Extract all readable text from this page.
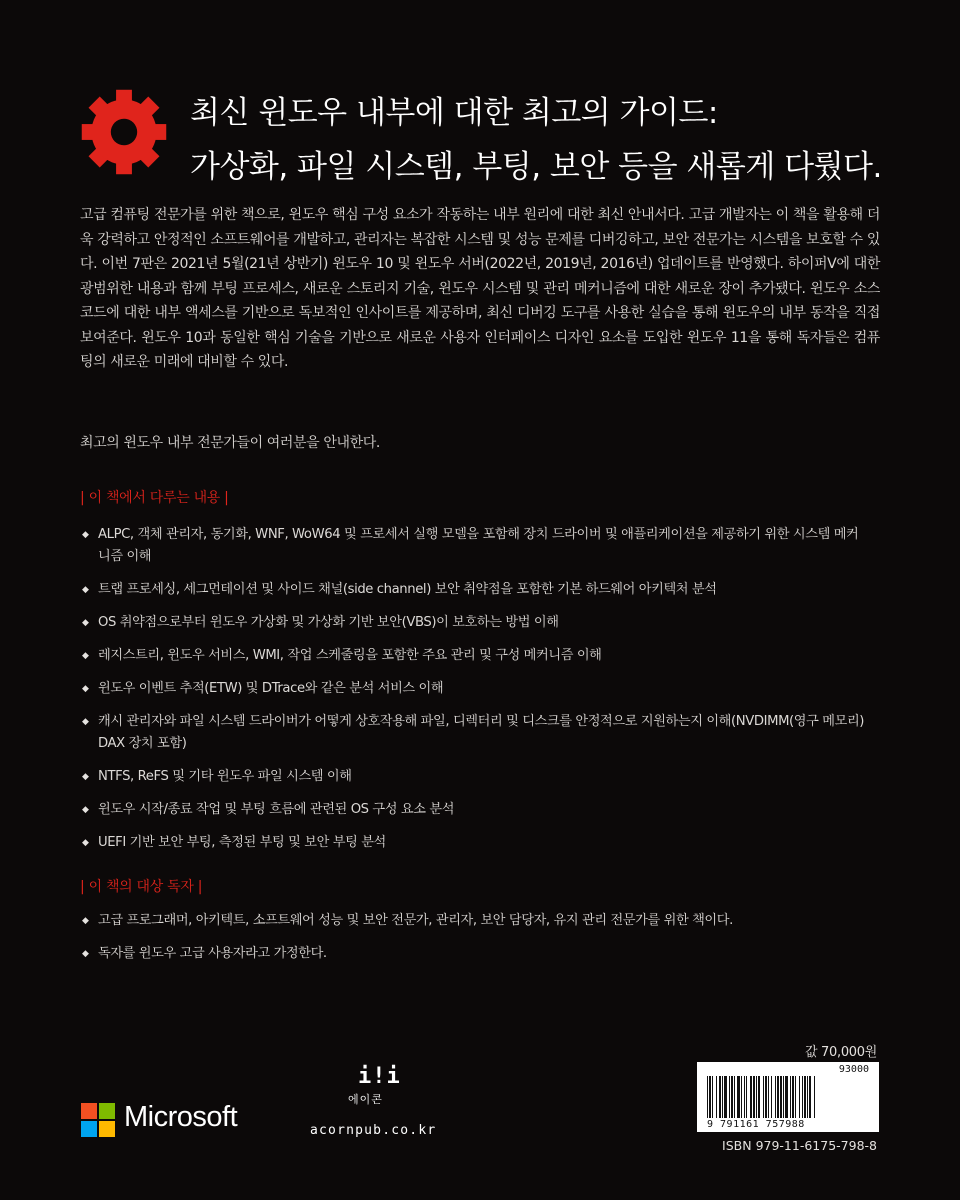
최신 윈도우 내부에 대한 최고의 가이드:
가상화, 파일 시스템, 부팅, 보안 등을 새롭게 다뤘다.

고급 컴퓨팅 전문가를 위한 책으로, 윈도우 핵심 구성 요소가 작동하는 내부 원리에 대한 최신 안내서다. 고급 개발자는 이 책을 활용해 더욱 강력하고 안정적인 소프트웨어를 개발하고, 관리자는 복잡한 시스템 및 성능 문제를 디버깅하고, 보안 전문가는 시스템을 보호할 수 있다. 이번 7판은 2021년 5월(21년 상반기) 윈도우 10 및 윈도우 서버(2022년, 2019년, 2016년) 업데이트를 반영했다. 하이퍼V에 대한 광범위한 내용과 함께 부팅 프로세스, 새로운 스토리지 기술, 윈도우 시스템 및 관리 메커니즘에 대한 새로운 장이 추가됐다. 윈도우 소스코드에 대한 내부 액세스를 기반으로 독보적인 인사이트를 제공하며, 최신 디버깅 도구를 사용한 실습을 통해 윈도우의 내부 동작을 직접 보여준다. 윈도우 10과 동일한 핵심 기술을 기반으로 새로운 사용자 인터페이스 디자인 요소를 도입한 윈도우 11을 통해 독자들은 컴퓨팅의 새로운 미래에 대비할 수 있다.

최고의 윈도우 내부 전문가들이 여러분을 안내한다.

| 이 책에서 다루는 내용 |

◆ ALPC, 객체 관리자, 동기화, WNF, WoW64 및 프로세서 실행 모델을 포함해 장치 드라이버 및 애플리케이션을 제공하기 위한 시스템 메커니즘 이해
◆ 트랩 프로세싱, 세그먼테이션 및 사이드 채널(side channel) 보안 취약점을 포함한 기본 하드웨어 아키텍처 분석
◆ OS 취약점으로부터 윈도우 가상화 및 가상화 기반 보안(VBS)이 보호하는 방법 이해
◆ 레지스트리, 윈도우 서비스, WMI, 작업 스케줄링을 포함한 주요 관리 및 구성 메커니즘 이해
◆ 윈도우 이벤트 추적(ETW) 및 DTrace와 같은 분석 서비스 이해
◆ 캐시 관리자와 파일 시스템 드라이버가 어떻게 상호작용해 파일, 디렉터리 및 디스크를 안정적으로 지원하는지 이해(NVDIMM(영구 메모리) DAX 장치 포함)
◆ NTFS, ReFS 및 기타 윈도우 파일 시스템 이해
◆ 윈도우 시작/종료 작업 및 부팅 흐름에 관련된 OS 구성 요소 분석
◆ UEFI 기반 보안 부팅, 측정된 부팅 및 보안 부팅 분석

| 이 책의 대상 독자 |

◆ 고급 프로그래머, 아키텍트, 소프트웨어 성능 및 보안 전문가, 관리자, 보안 담당자, 유지 관리 전문가를 위한 책이다.
◆ 독자를 윈도우 고급 사용자라고 가정한다.
값 70,000원
93000
9 791161 757988
ISBN 979-11-6175-798-8
Microsoft
i!i
에이콘
acornpub.co.kr
